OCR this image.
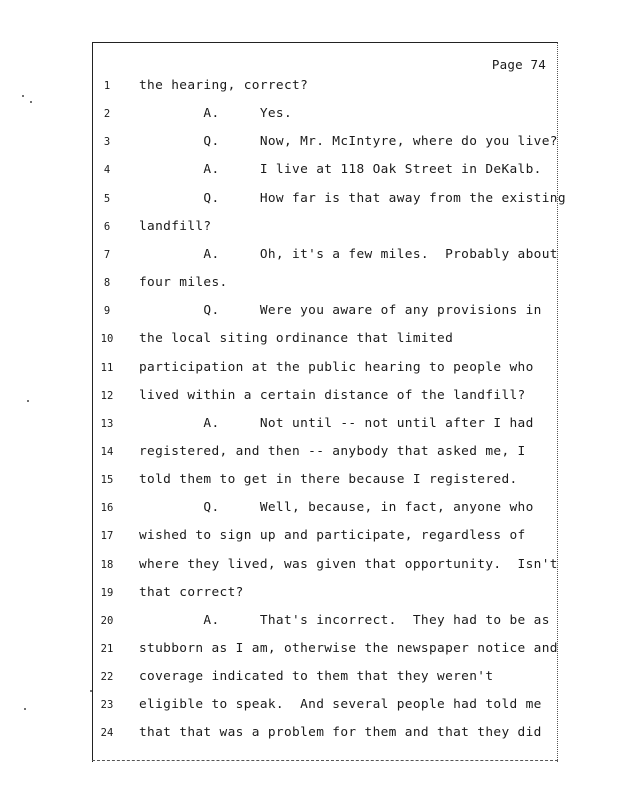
Page 74
1	the hearing, correct?
2	A.     Yes.
3	Q.     Now, Mr. McIntyre, where do you live?
4	A.     I live at 118 Oak Street in DeKalb.
5	Q.     How far is that away from the existing
6	landfill?
7	A.     Oh, it's a few miles.  Probably about
8	four miles.
9	Q.     Were you aware of any provisions in
10	the local siting ordinance that limited
11	participation at the public hearing to people who
12	lived within a certain distance of the landfill?
13	A.     Not until -- not until after I had
14	registered, and then -- anybody that asked me, I
15	told them to get in there because I registered.
16	Q.     Well, because, in fact, anyone who
17	wished to sign up and participate, regardless of
18	where they lived, was given that opportunity.  Isn't
19	that correct?
20	A.     That's incorrect.  They had to be as
21	stubborn as I am, otherwise the newspaper notice and
22	coverage indicated to them that they weren't
23	eligible to speak.  And several people had told me
24	that that was a problem for them and that they did
